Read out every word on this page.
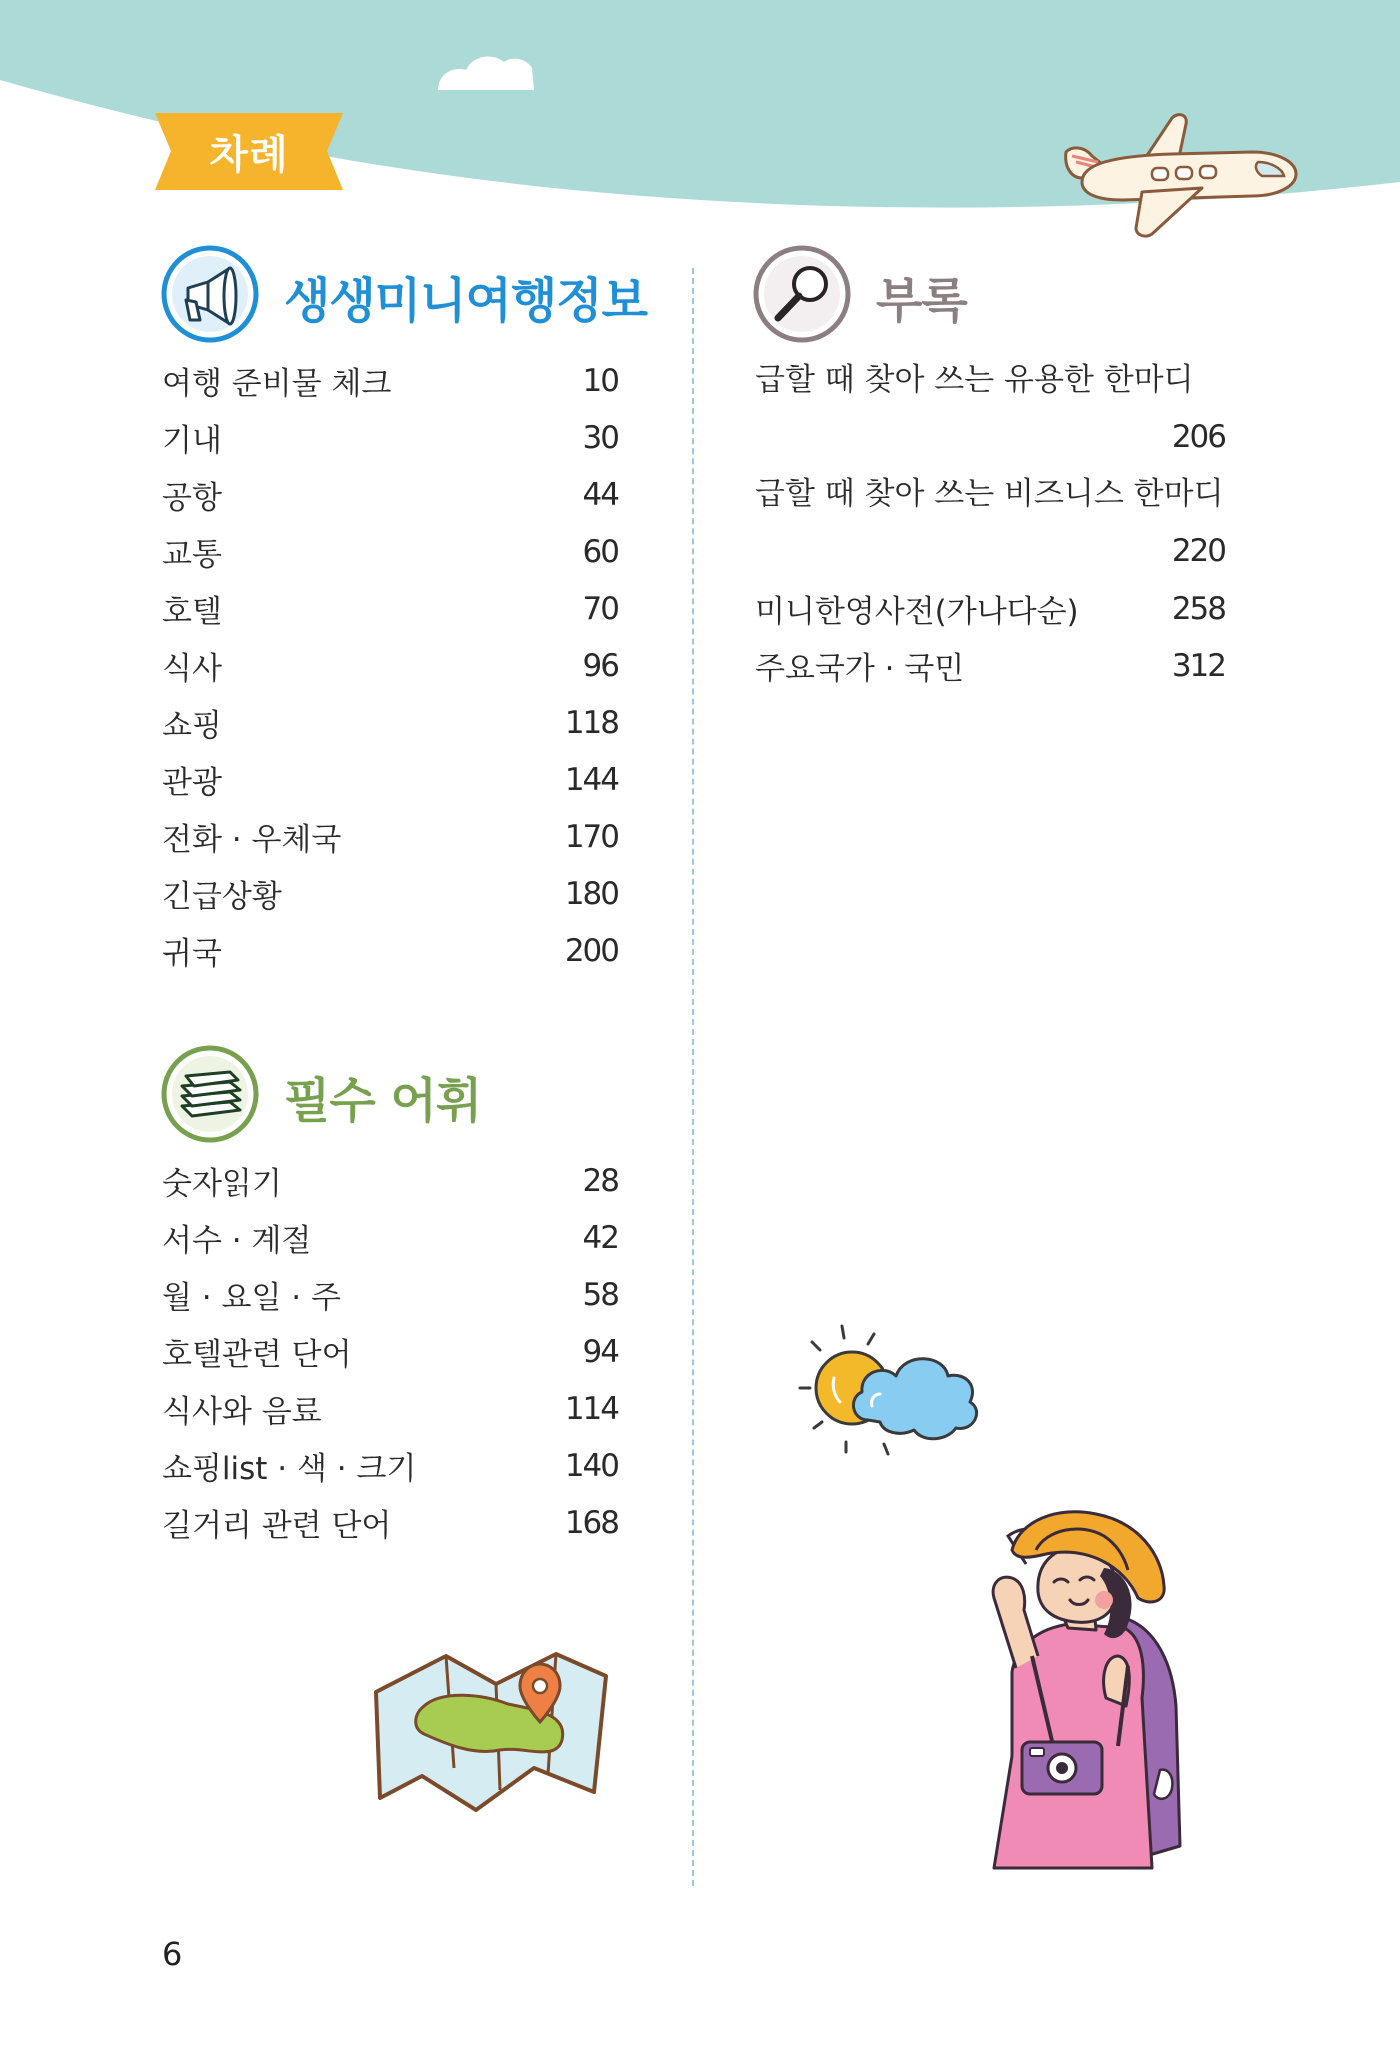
차례
생생미니여행정보
여행 준비물 체크	10
기내	30
공항	44
교통	60
호텔	70
식사	96
쇼핑	118
관광	144
전화 · 우체국	170
긴급상황	180
귀국	200
필수 어휘
숫자읽기	28
서수 · 계절	42
월 · 요일 · 주	58
호텔관련 단어	94
식사와 음료	114
쇼핑list · 색 · 크기	140
길거리 관련 단어	168
부록
급할 때 찾아 쓰는 유용한 한마디
206
급할 때 찾아 쓰는 비즈니스 한마디
220
미니한영사전(가나다순)	258
주요국가 · 국민	312
6
